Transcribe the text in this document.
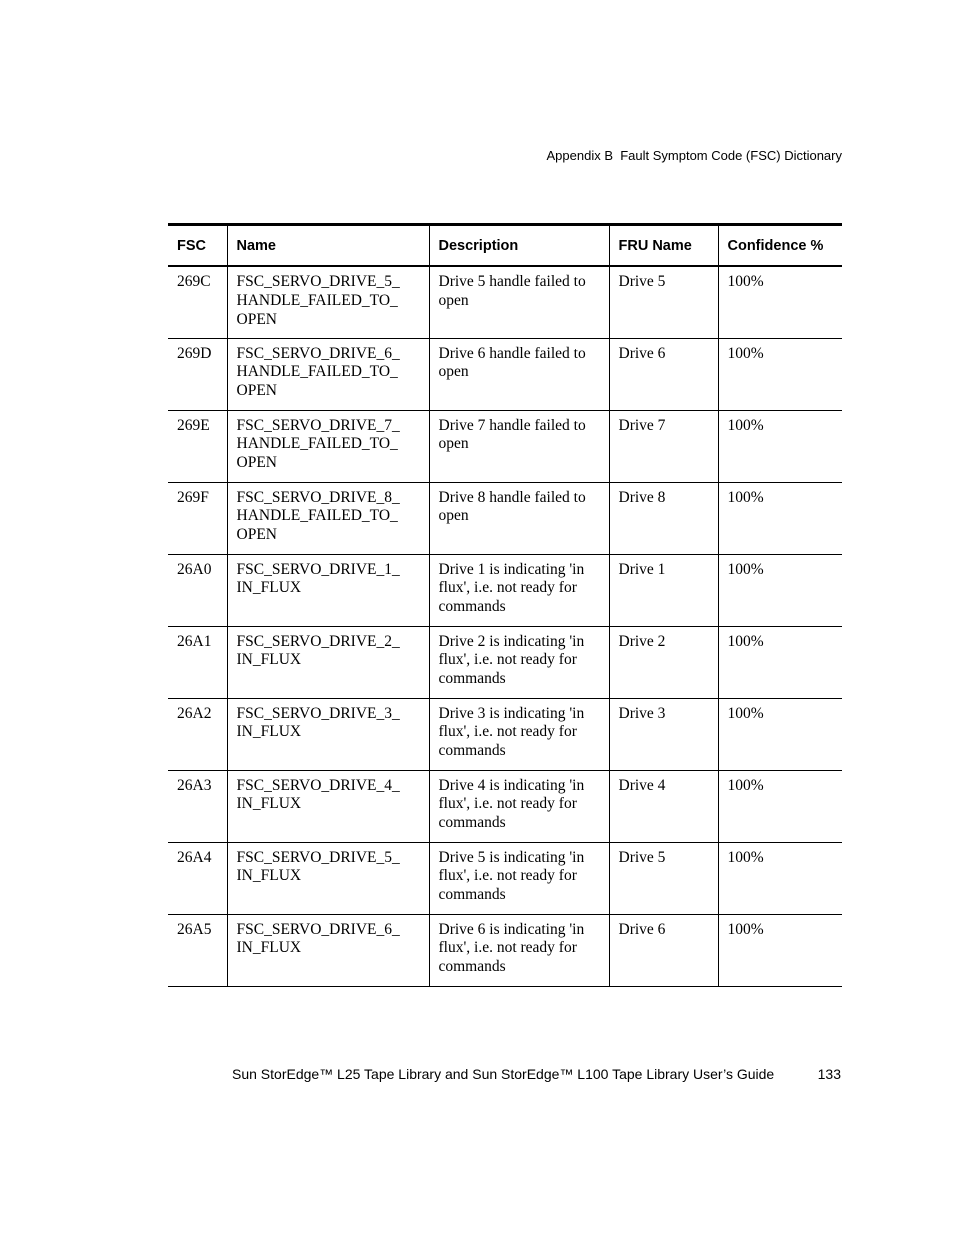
Appendix B  Fault Symptom Code (FSC) Dictionary
FSC	Name	Description	FRU Name	Confidence %
269C	FSC_SERVO_DRIVE_5_
HANDLE_FAILED_TO_
OPEN	Drive 5 handle failed to open	Drive 5	100%
269D	FSC_SERVO_DRIVE_6_
HANDLE_FAILED_TO_
OPEN	Drive 6 handle failed to open	Drive 6	100%
269E	FSC_SERVO_DRIVE_7_
HANDLE_FAILED_TO_
OPEN	Drive 7 handle failed to open	Drive 7	100%
269F	FSC_SERVO_DRIVE_8_
HANDLE_FAILED_TO_
OPEN	Drive 8 handle failed to open	Drive 8	100%
26A0	FSC_SERVO_DRIVE_1_
IN_FLUX	Drive 1 is indicating 'in flux', i.e. not ready for commands	Drive 1	100%
26A1	FSC_SERVO_DRIVE_2_
IN_FLUX	Drive 2 is indicating 'in flux', i.e. not ready for commands	Drive 2	100%
26A2	FSC_SERVO_DRIVE_3_
IN_FLUX	Drive 3 is indicating 'in flux', i.e. not ready for commands	Drive 3	100%
26A3	FSC_SERVO_DRIVE_4_
IN_FLUX	Drive 4 is indicating 'in flux', i.e. not ready for commands	Drive 4	100%
26A4	FSC_SERVO_DRIVE_5_
IN_FLUX	Drive 5 is indicating 'in flux', i.e. not ready for commands	Drive 5	100%
26A5	FSC_SERVO_DRIVE_6_
IN_FLUX	Drive 6 is indicating 'in flux', i.e. not ready for commands	Drive 6	100%
Sun StorEdge™ L25 Tape Library and Sun StorEdge™ L100 Tape Library User’s Guide	133
